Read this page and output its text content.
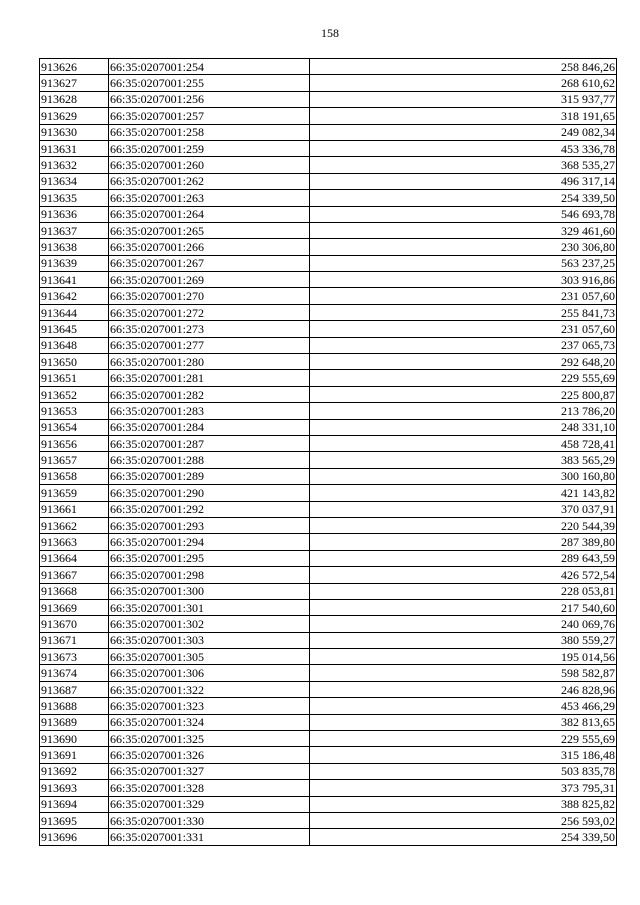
158
913626	66:35:0207001:254	258 846,26
913627	66:35:0207001:255	268 610,62
913628	66:35:0207001:256	315 937,77
913629	66:35:0207001:257	318 191,65
913630	66:35:0207001:258	249 082,34
913631	66:35:0207001:259	453 336,78
913632	66:35:0207001:260	368 535,27
913634	66:35:0207001:262	496 317,14
913635	66:35:0207001:263	254 339,50
913636	66:35:0207001:264	546 693,78
913637	66:35:0207001:265	329 461,60
913638	66:35:0207001:266	230 306,80
913639	66:35:0207001:267	563 237,25
913641	66:35:0207001:269	303 916,86
913642	66:35:0207001:270	231 057,60
913644	66:35:0207001:272	255 841,73
913645	66:35:0207001:273	231 057,60
913648	66:35:0207001:277	237 065,73
913650	66:35:0207001:280	292 648,20
913651	66:35:0207001:281	229 555,69
913652	66:35:0207001:282	225 800,87
913653	66:35:0207001:283	213 786,20
913654	66:35:0207001:284	248 331,10
913656	66:35:0207001:287	458 728,41
913657	66:35:0207001:288	383 565,29
913658	66:35:0207001:289	300 160,80
913659	66:35:0207001:290	421 143,82
913661	66:35:0207001:292	370 037,91
913662	66:35:0207001:293	220 544,39
913663	66:35:0207001:294	287 389,80
913664	66:35:0207001:295	289 643,59
913667	66:35:0207001:298	426 572,54
913668	66:35:0207001:300	228 053,81
913669	66:35:0207001:301	217 540,60
913670	66:35:0207001:302	240 069,76
913671	66:35:0207001:303	380 559,27
913673	66:35:0207001:305	195 014,56
913674	66:35:0207001:306	598 582,87
913687	66:35:0207001:322	246 828,96
913688	66:35:0207001:323	453 466,29
913689	66:35:0207001:324	382 813,65
913690	66:35:0207001:325	229 555,69
913691	66:35:0207001:326	315 186,48
913692	66:35:0207001:327	503 835,78
913693	66:35:0207001:328	373 795,31
913694	66:35:0207001:329	388 825,82
913695	66:35:0207001:330	256 593,02
913696	66:35:0207001:331	254 339,50
